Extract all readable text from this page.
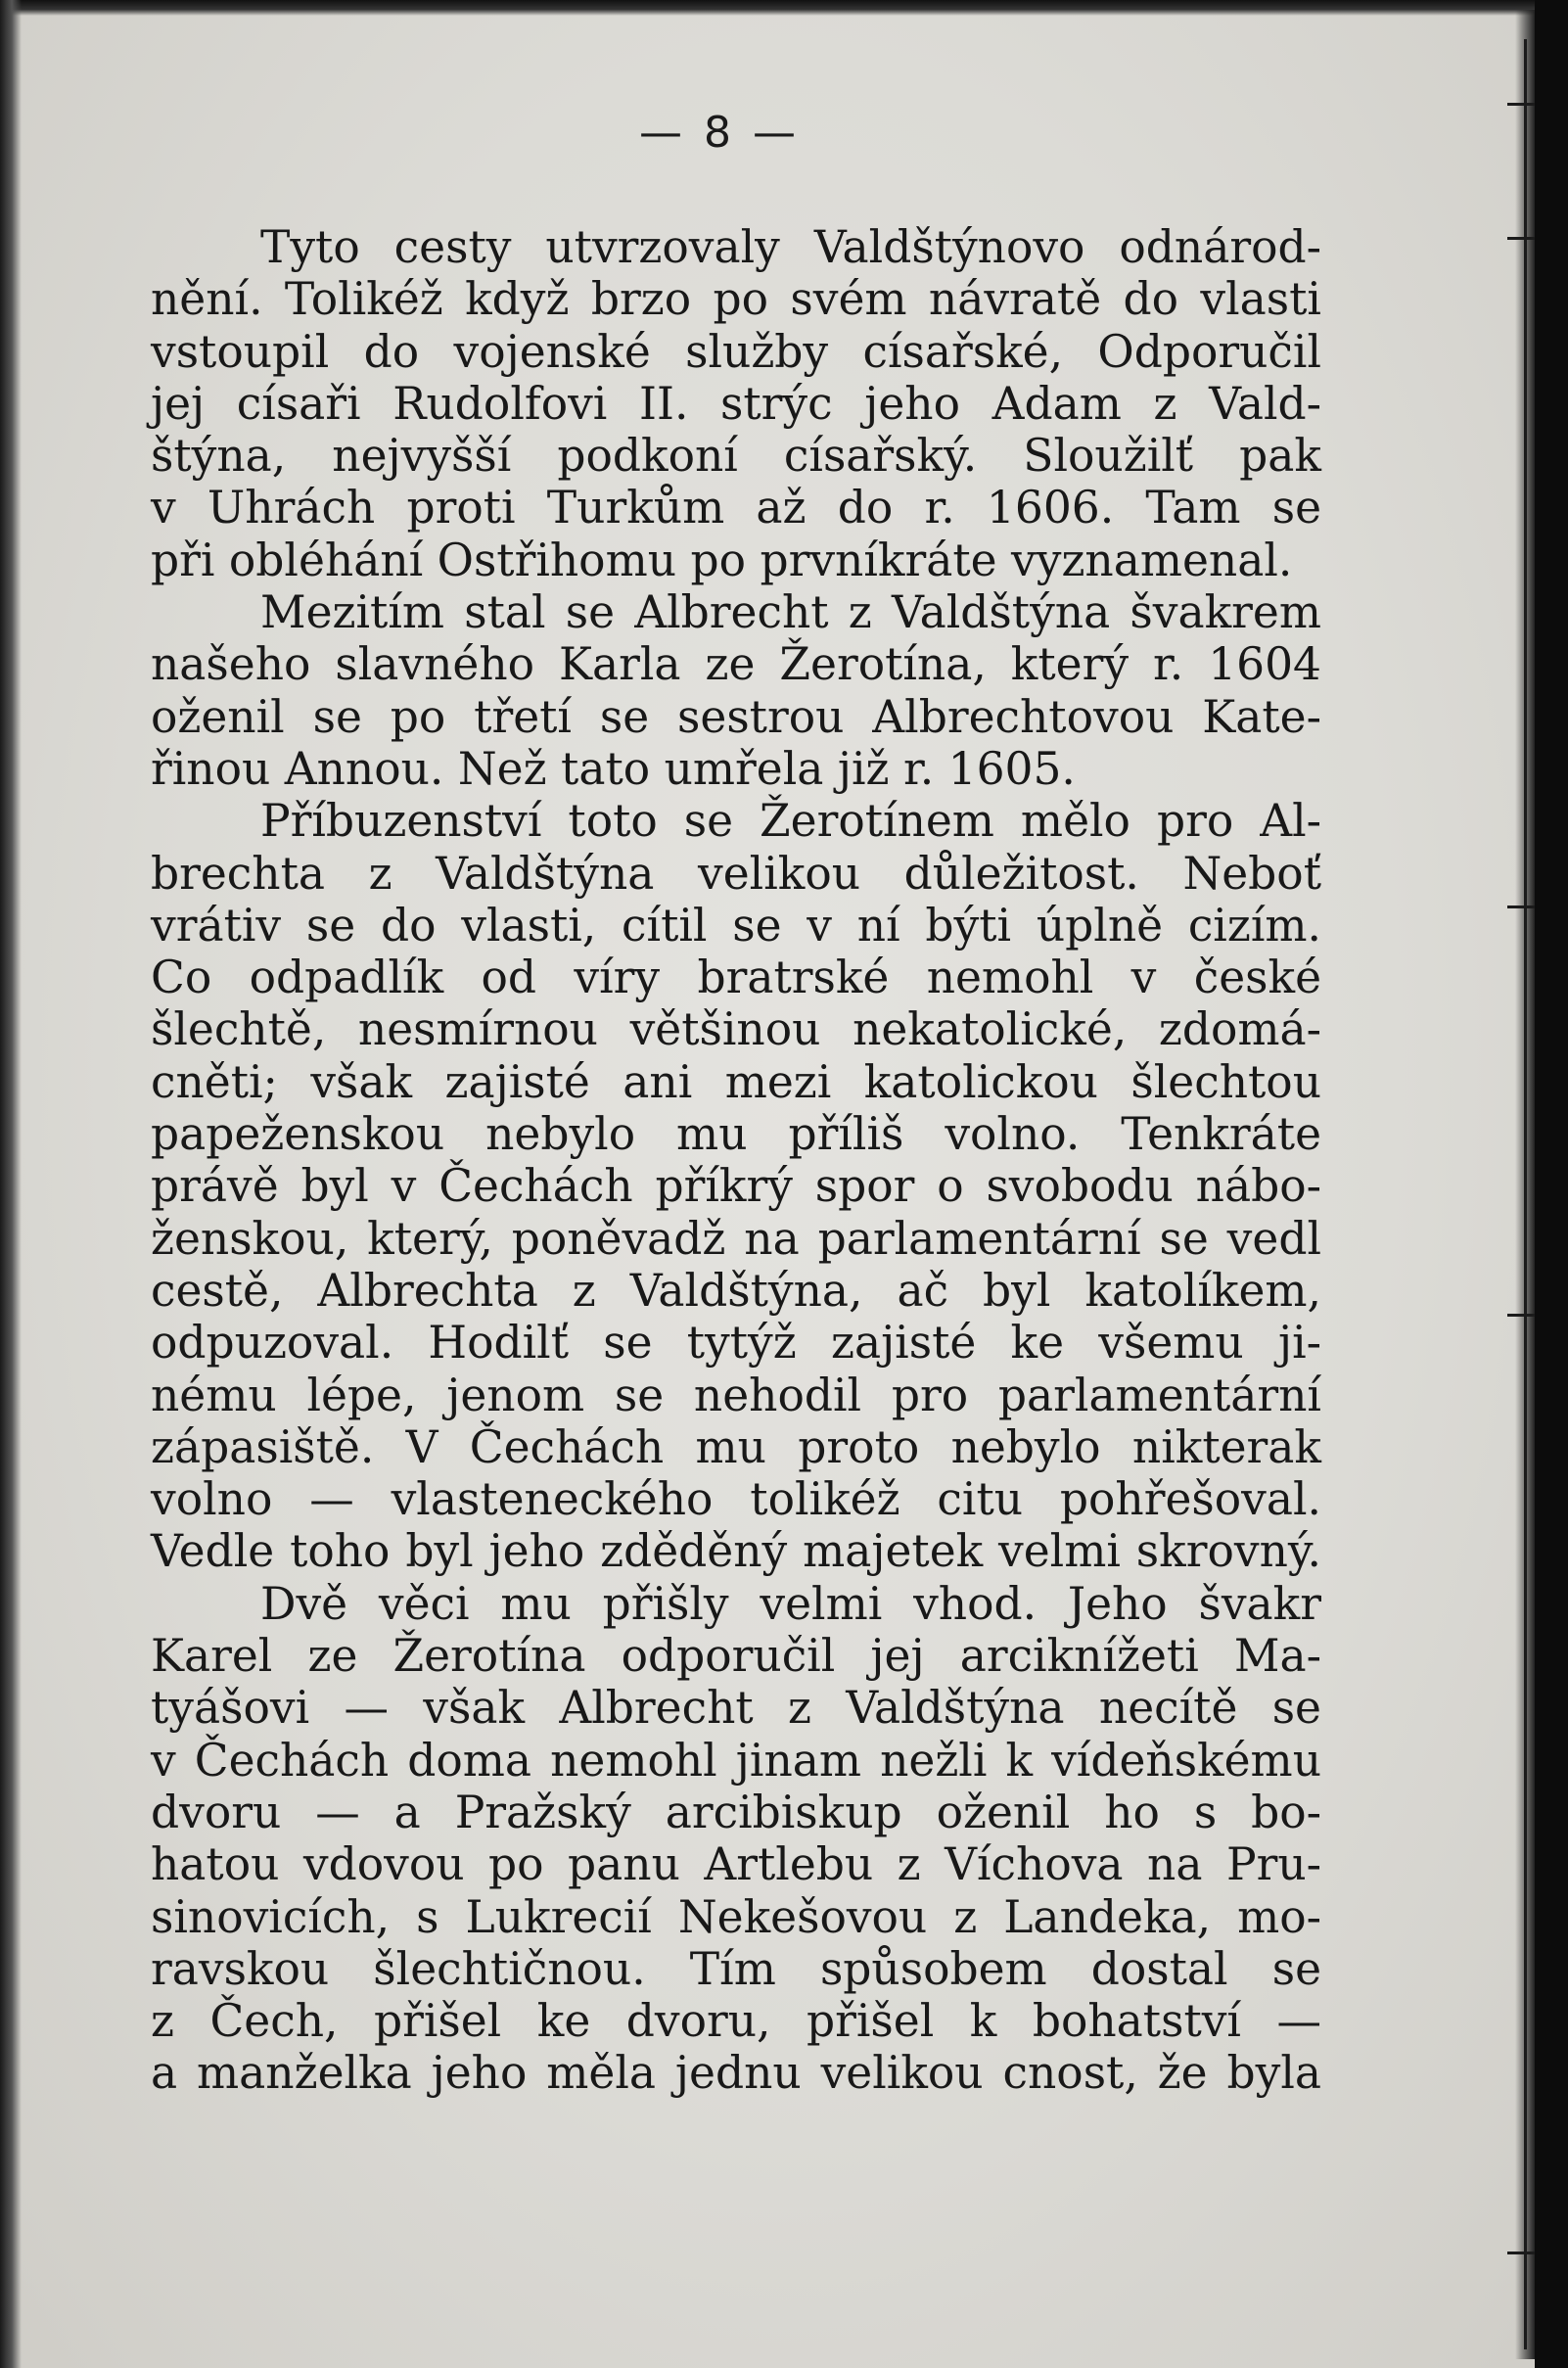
— 8 —
Tyto cesty utvrzovaly Valdštýnovo odnárod-
nění. Tolikéž když brzo po svém návratě do vlasti
vstoupil do vojenské služby císařské, Odporučil
jej císaři Rudolfovi II. strýc jeho Adam z Vald-
štýna, nejvyšší podkoní císařský. Sloužilť pak
v Uhrách proti Turkům až do r. 1606. Tam se
při obléhání Ostřihomu po prvníkráte vyznamenal.
Mezitím stal se Albrecht z Valdštýna švakrem
našeho slavného Karla ze Žerotína, který r. 1604
oženil se po třetí se sestrou Albrechtovou Kate-
řinou Annou. Než tato umřela již r. 1605.
Příbuzenství toto se Žerotínem mělo pro Al-
brechta z Valdštýna velikou důležitost. Neboť
vrátiv se do vlasti, cítil se v ní býti úplně cizím.
Co odpadlík od víry bratrské nemohl v české
šlechtě, nesmírnou většinou nekatolické, zdomá-
cněti; však zajisté ani mezi katolickou šlechtou
papeženskou nebylo mu příliš volno. Tenkráte
právě byl v Čechách příkrý spor o svobodu nábo-
ženskou, který, poněvadž na parlamentární se vedl
cestě, Albrechta z Valdštýna, ač byl katolíkem,
odpuzoval. Hodilť se tytýž zajisté ke všemu ji-
nému lépe, jenom se nehodil pro parlamentární
zápasiště. V Čechách mu proto nebylo nikterak
volno — vlasteneckého tolikéž citu pohřešoval.
Vedle toho byl jeho zděděný majetek velmi skrovný.
Dvě věci mu přišly velmi vhod. Jeho švakr
Karel ze Žerotína odporučil jej arciknížeti Ma-
tyášovi — však Albrecht z Valdštýna necítě se
v Čechách doma nemohl jinam nežli k vídeňskému
dvoru — a Pražský arcibiskup oženil ho s bo-
hatou vdovou po panu Artlebu z Víchova na Pru-
sinovicích, s Lukrecií Nekešovou z Landeka, mo-
ravskou šlechtičnou. Tím spůsobem dostal se
z Čech, přišel ke dvoru, přišel k bohatství —
a manželka jeho měla jednu velikou cnost, že byla
